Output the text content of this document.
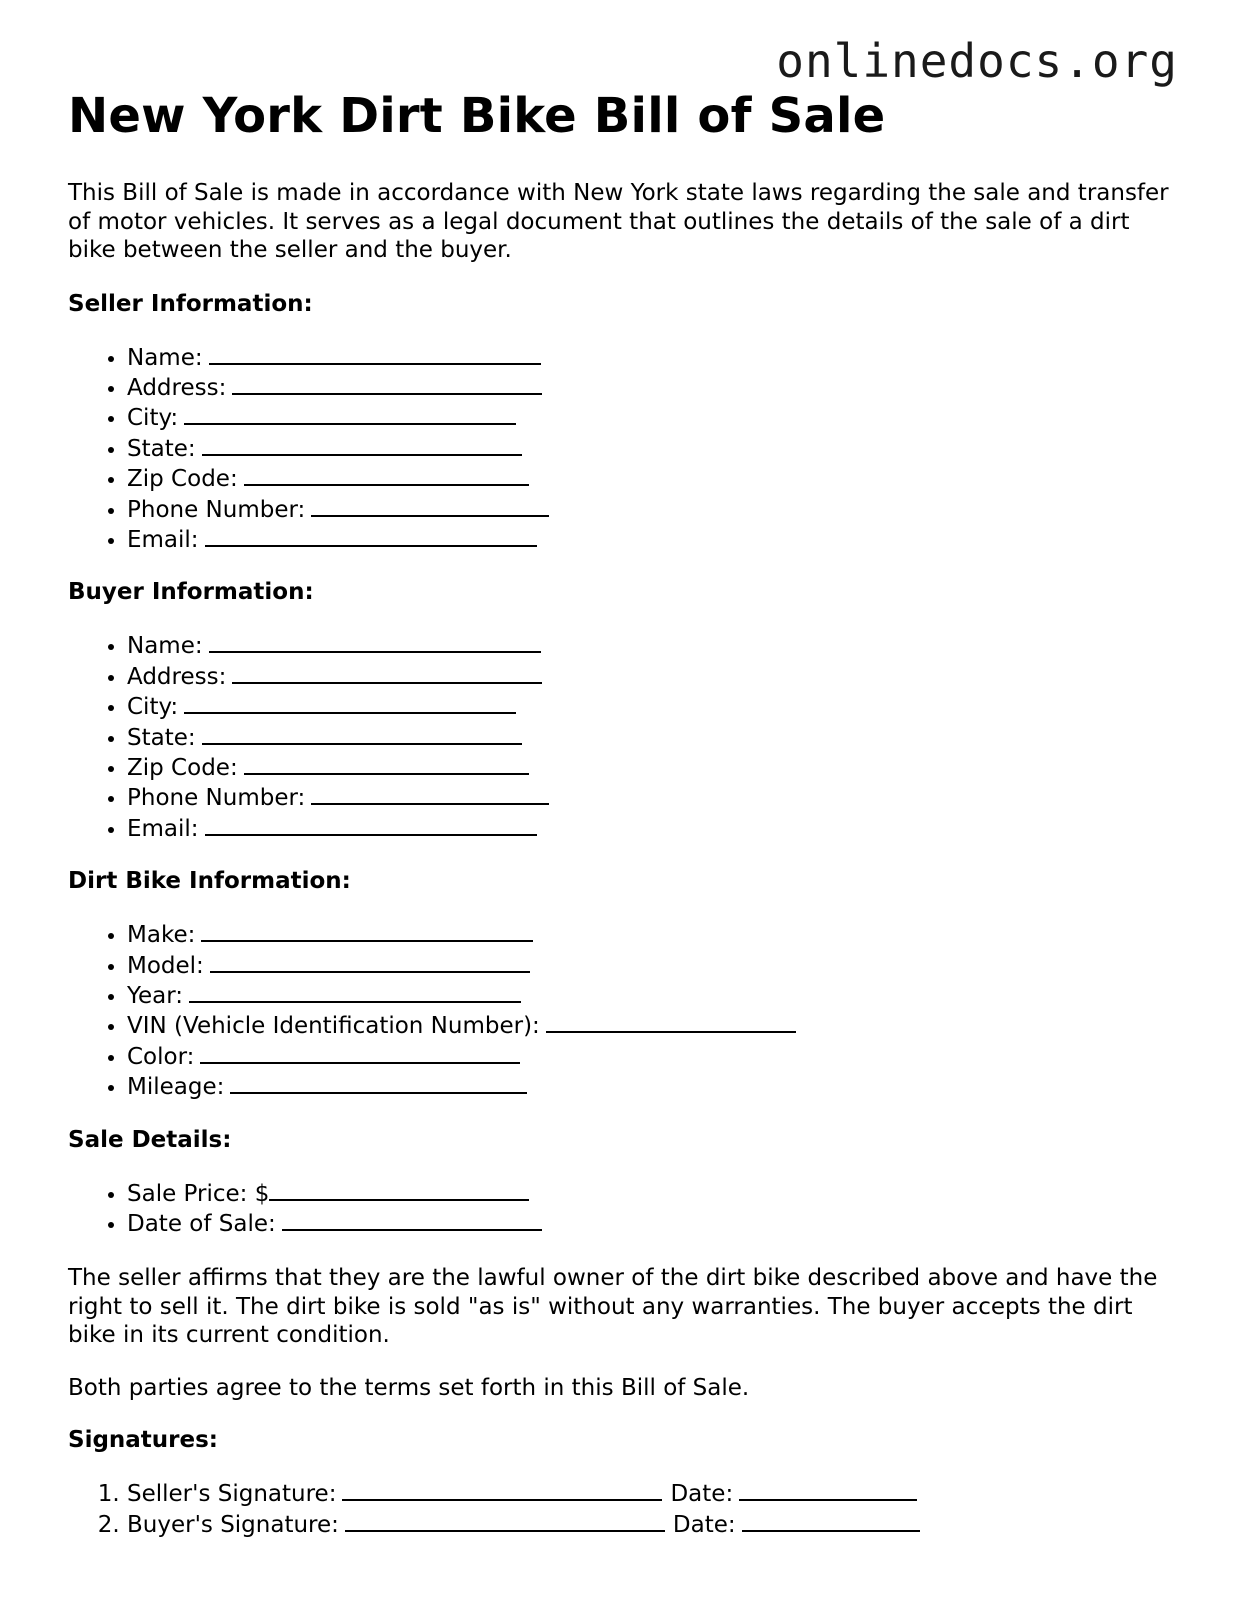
onlinedocs.org
New York Dirt Bike Bill of Sale

This Bill of Sale is made in accordance with New York state laws regarding the sale and transfer of motor vehicles. It serves as a legal document that outlines the details of the sale of a dirt bike between the seller and the buyer.

Seller Information:
• Name:
• Address:
• City:
• State:
• Zip Code:
• Phone Number:
• Email:
Buyer Information:
• Name:
• Address:
• City:
• State:
• Zip Code:
• Phone Number:
• Email:
Dirt Bike Information:
• Make:
• Model:
• Year:
• VIN (Vehicle Identification Number):
• Color:
• Mileage:
Sale Details:
• Sale Price: $
• Date of Sale:

The seller affirms that they are the lawful owner of the dirt bike described above and have the right to sell it. The dirt bike is sold "as is" without any warranties. The buyer accepts the dirt bike in its current condition.

Both parties agree to the terms set forth in this Bill of Sale.

Signatures:
1. Seller's Signature:	Date:
2. Buyer's Signature:	Date:
